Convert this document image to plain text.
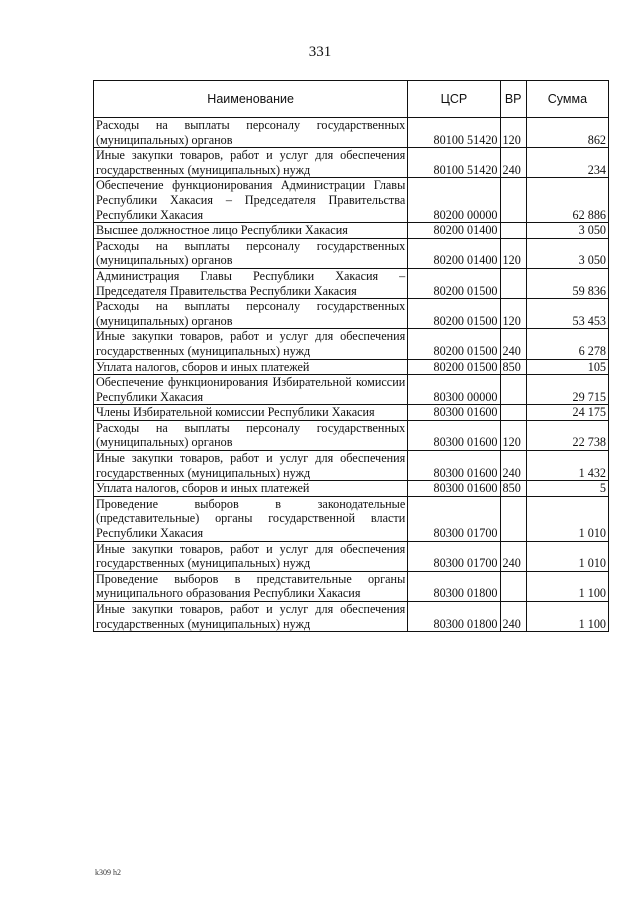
331
Наименование	ЦСР	ВР	Сумма
Расходы на выплаты персоналу государственных (муниципальных) органов	80100 51420	120	862
Иные закупки товаров, работ и услуг для обеспечения государственных (муниципальных) нужд	80100 51420	240	234
Обеспечение функционирования Администрации Главы Республики Хакасия – Председателя Правительства Республики Хакасия	80200 00000		62 886
Высшее должностное лицо Республики Хакасия	80200 01400		3 050
Расходы на выплаты персоналу государственных (муниципальных) органов	80200 01400	120	3 050
Администрация Главы Республики Хакасия – Председателя Правительства Республики Хакасия	80200 01500		59 836
Расходы на выплаты персоналу государственных (муниципальных) органов	80200 01500	120	53 453
Иные закупки товаров, работ и услуг для обеспечения государственных (муниципальных) нужд	80200 01500	240	6 278
Уплата налогов, сборов и иных платежей	80200 01500	850	105
Обеспечение функционирования Избирательной комиссии Республики Хакасия	80300 00000		29 715
Члены Избирательной комиссии Республики Хакасия	80300 01600		24 175
Расходы на выплаты персоналу государственных (муниципальных) органов	80300 01600	120	22 738
Иные закупки товаров, работ и услуг для обеспечения государственных (муниципальных) нужд	80300 01600	240	1 432
Уплата налогов, сборов и иных платежей	80300 01600	850	5
Проведение выборов в законодательные (представительные) органы государственной власти Республики Хакасия	80300 01700		1 010
Иные закупки товаров, работ и услуг для обеспечения государственных (муниципальных) нужд	80300 01700	240	1 010
Проведение выборов в представительные органы муниципального образования Республики Хакасия	80300 01800		1 100
Иные закупки товаров, работ и услуг для обеспечения государственных (муниципальных) нужд	80300 01800	240	1 100
k309 h2
